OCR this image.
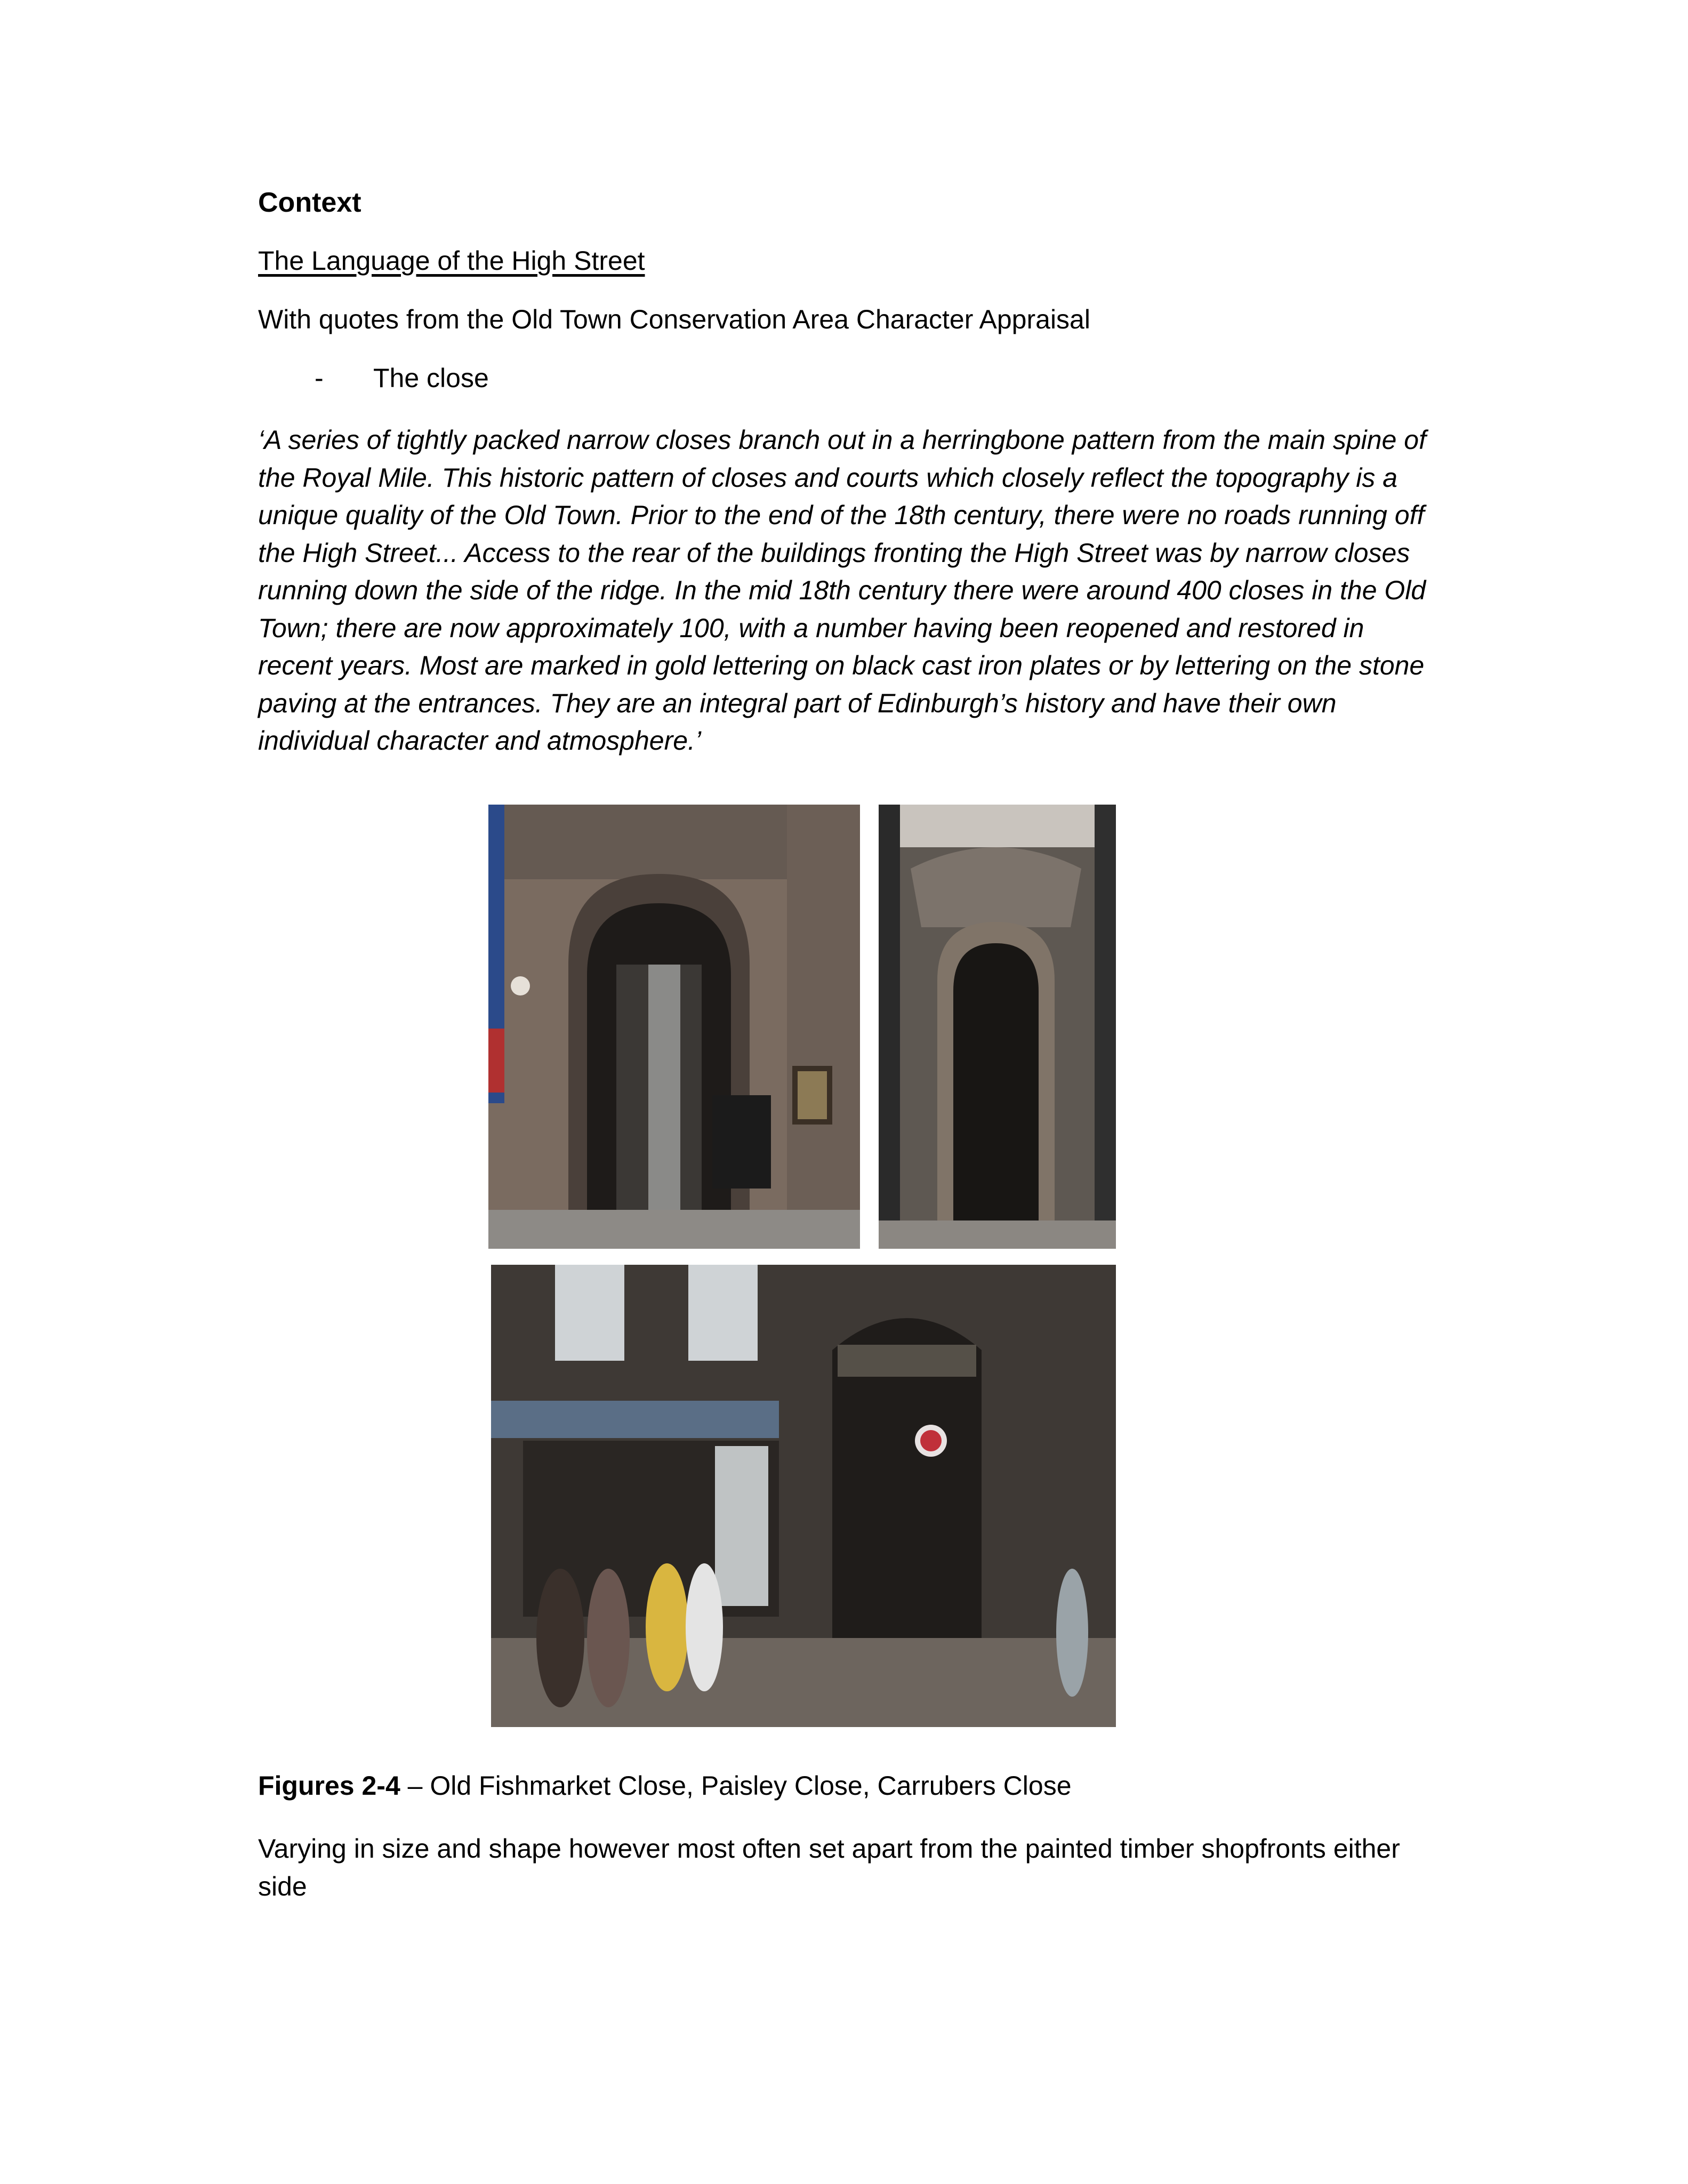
Context
The Language of the High Street
With quotes from the Old Town Conservation Area Character Appraisal
- The close
‘A series of tightly packed narrow closes branch out in a herringbone pattern from the main spine of the Royal Mile. This historic pattern of closes and courts which closely reflect the topography is a unique quality of the Old Town. Prior to the end of the 18th century, there were no roads running off the High Street... Access to the rear of the buildings fronting the High Street was by narrow closes running down the side of the ridge. In the mid 18th century there were around 400 closes in the Old Town; there are now approximately 100, with a number having been reopened and restored in recent years. Most are marked in gold lettering on black cast iron plates or by lettering on the stone paving at the entrances. They are an integral part of Edinburgh’s history and have their own individual character and atmosphere.’
Figures 2-4 – Old Fishmarket Close, Paisley Close, Carrubers Close
Varying in size and shape however most often set apart from the painted timber shopfronts either side
